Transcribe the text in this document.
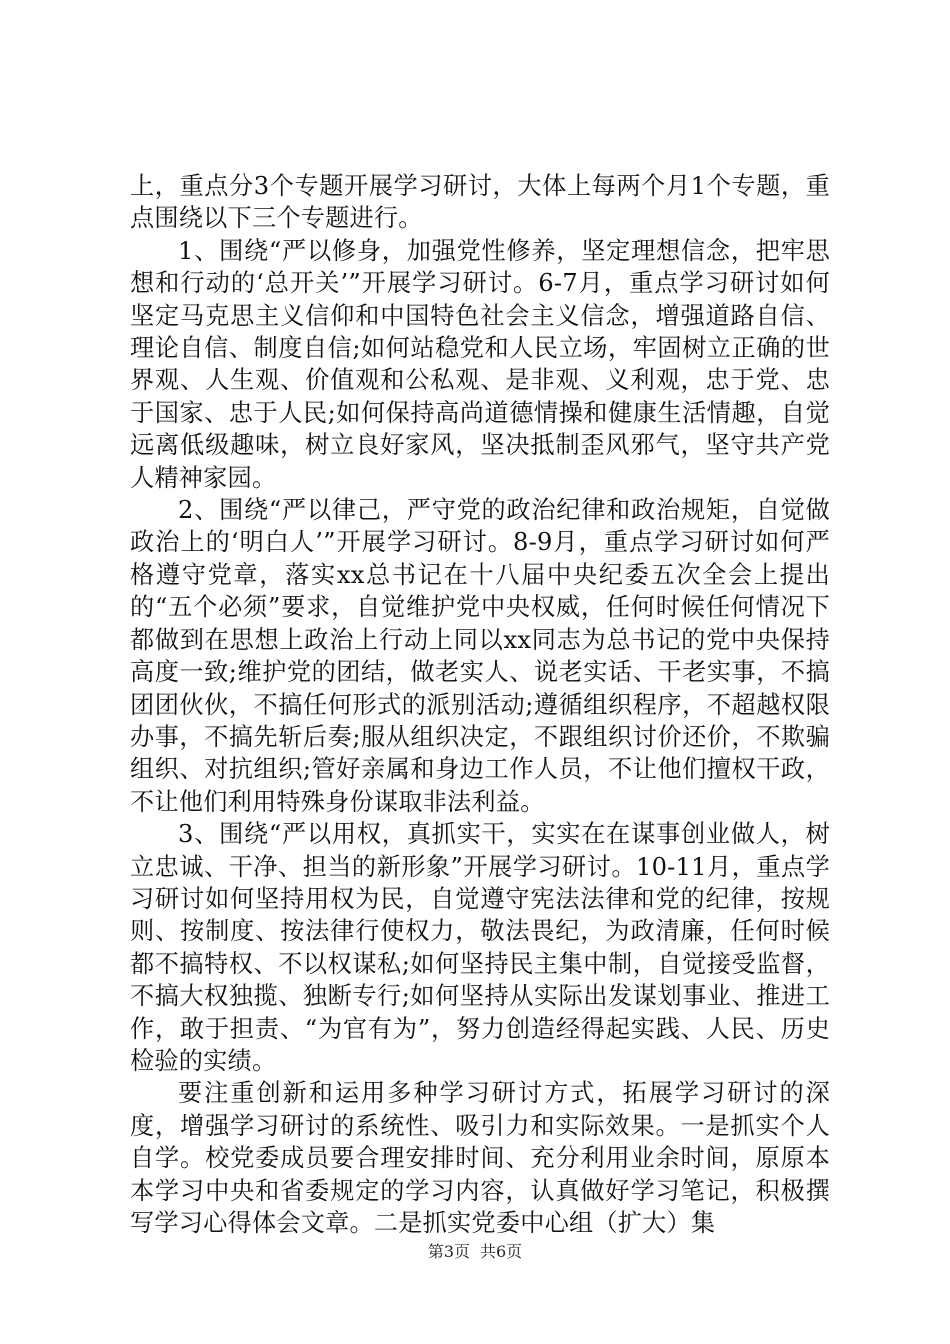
上，重点分3个专题开展学习研讨，大体上每两个月1个专题，重点围绕以下三个专题进行。

1、围绕“严以修身，加强党性修养，坚定理想信念，把牢思想和行动的‘总开关’”开展学习研讨。6-7月，重点学习研讨如何坚定马克思主义信仰和中国特色社会主义信念，增强道路自信、理论自信、制度自信;如何站稳党和人民立场，牢固树立正确的世界观、人生观、价值观和公私观、是非观、义利观，忠于党、忠于国家、忠于人民;如何保持高尚道德情操和健康生活情趣，自觉远离低级趣味，树立良好家风，坚决抵制歪风邪气，坚守共产党人精神家园。

2、围绕“严以律己，严守党的政治纪律和政治规矩，自觉做政治上的‘明白人’”开展学习研讨。8-9月，重点学习研讨如何严格遵守党章，落实xx总书记在十八届中央纪委五次全会上提出的“五个必须”要求，自觉维护党中央权威，任何时候任何情况下都做到在思想上政治上行动上同以xx同志为总书记的党中央保持高度一致;维护党的团结，做老实人、说老实话、干老实事，不搞团团伙伙，不搞任何形式的派别活动;遵循组织程序，不超越权限办事，不搞先斩后奏;服从组织决定，不跟组织讨价还价，不欺骗组织、对抗组织;管好亲属和身边工作人员，不让他们擅权干政，不让他们利用特殊身份谋取非法利益。

3、围绕“严以用权，真抓实干，实实在在谋事创业做人，树立忠诚、干净、担当的新形象”开展学习研讨。10-11月，重点学习研讨如何坚持用权为民，自觉遵守宪法法律和党的纪律，按规则、按制度、按法律行使权力，敬法畏纪，为政清廉，任何时候都不搞特权、不以权谋私;如何坚持民主集中制，自觉接受监督，不搞大权独揽、独断专行;如何坚持从实际出发谋划事业、推进工作，敢于担责、“为官有为”，努力创造经得起实践、人民、历史检验的实绩。

要注重创新和运用多种学习研讨方式，拓展学习研讨的深度，增强学习研讨的系统性、吸引力和实际效果。一是抓实个人自学。校党委成员要合理安排时间、充分利用业余时间，原原本本学习中央和省委规定的学习内容，认真做好学习笔记，积极撰写学习心得体会文章。二是抓实党委中心组（扩大）集

第3页 共6页
